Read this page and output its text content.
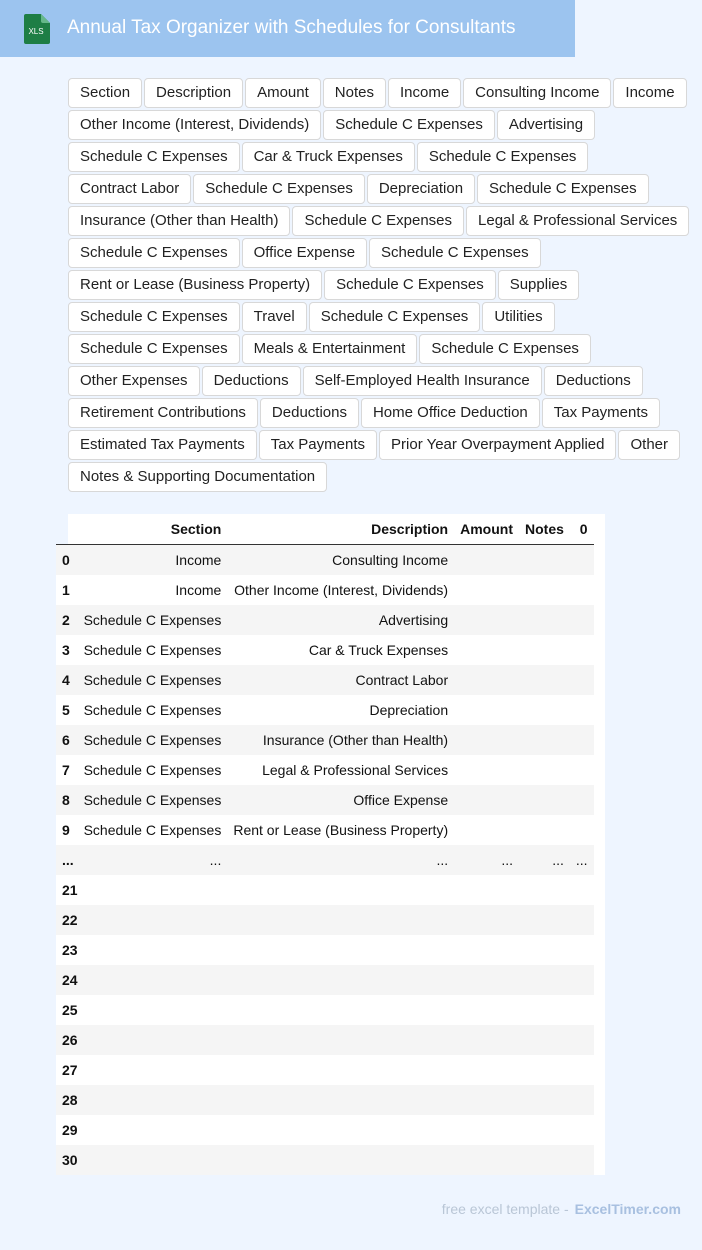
XLS Annual Tax Organizer with Schedules for Consultants
Section	Description	Amount	Notes	Income	Consulting Income	Income
Other Income (Interest, Dividends)	Schedule C Expenses	Advertising
Schedule C Expenses	Car & Truck Expenses	Schedule C Expenses
Contract Labor	Schedule C Expenses	Depreciation	Schedule C Expenses
Insurance (Other than Health)	Schedule C Expenses	Legal & Professional Services
Schedule C Expenses	Office Expense	Schedule C Expenses
Rent or Lease (Business Property)	Schedule C Expenses	Supplies
Schedule C Expenses	Travel	Schedule C Expenses	Utilities
Schedule C Expenses	Meals & Entertainment	Schedule C Expenses
Other Expenses	Deductions	Self-Employed Health Insurance	Deductions
Retirement Contributions	Deductions	Home Office Deduction	Tax Payments
Estimated Tax Payments	Tax Payments	Prior Year Overpayment Applied	Other
Notes & Supporting Documentation
	Section	Description	Amount	Notes	0
0	Income	Consulting Income			
1	Income	Other Income (Interest, Dividends)			
2	Schedule C Expenses	Advertising			
3	Schedule C Expenses	Car & Truck Expenses			
4	Schedule C Expenses	Contract Labor			
5	Schedule C Expenses	Depreciation			
6	Schedule C Expenses	Insurance (Other than Health)			
7	Schedule C Expenses	Legal & Professional Services			
8	Schedule C Expenses	Office Expense			
9	Schedule C Expenses	Rent or Lease (Business Property)			
...	...	...	...	...	...
21					
22					
23					
24					
25					
26					
27					
28					
29					
30					
free excel template - ExcelTimer.com
